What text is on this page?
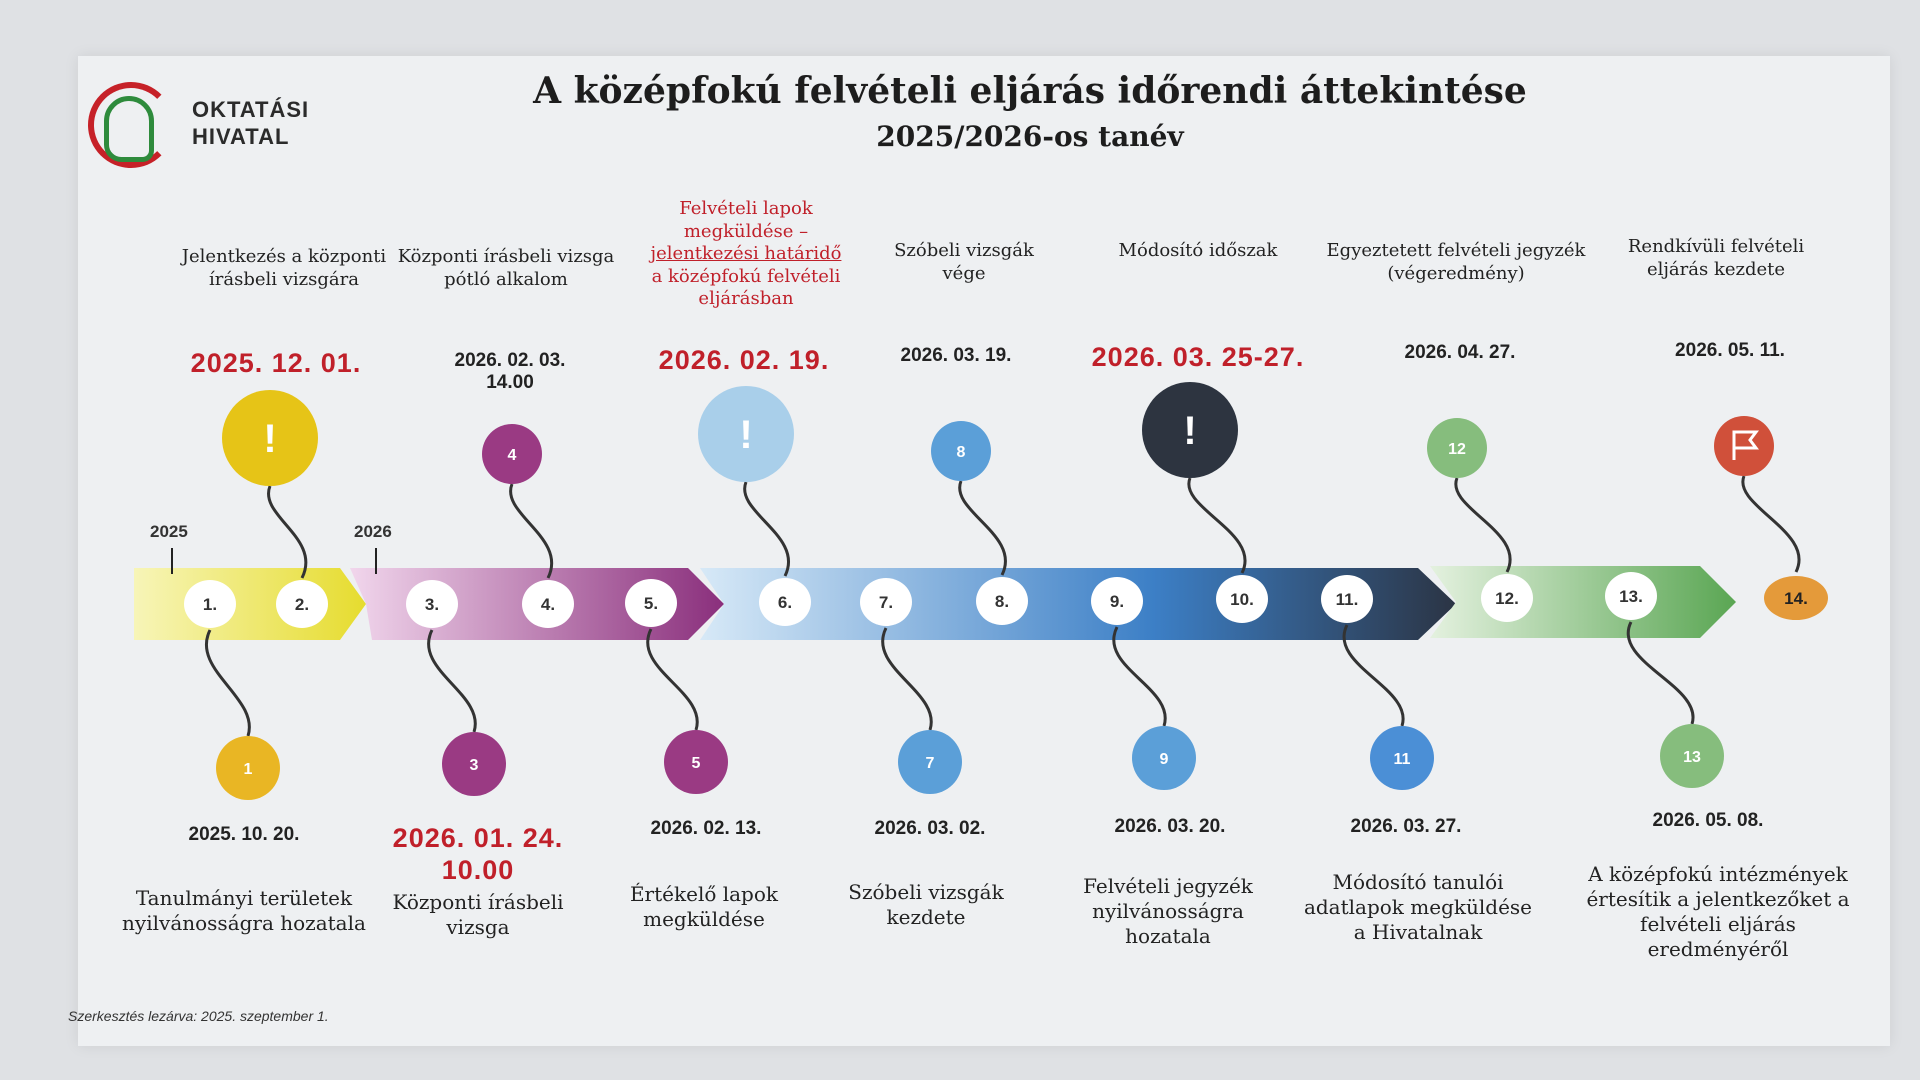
OKTATÁSI
HIVATAL
A középfokú felvételi eljárás időrendi áttekintése
2025/2026-os tanév
1.	2.	3.	4.	5.	6.	7.	8.	9.	10.	11.	12.	13.	14.
!	4	!	8	!	12
1	3	5	7	9	11	13
2025	2026
Jelentkezés a központi írásbeli vizsgára
Központi írásbeli vizsga pótló alkalom
Felvételi lapok megküldése –
jelentkezési határidő
a középfokú felvételi eljárásban
Szóbeli vizsgák vége
Módosító időszak	Egyeztetett felvételi jegyzék (végeredmény)
Rendkívüli felvételi eljárás kezdete
2025. 12. 01.	2026. 02. 03. 14.00
2026. 02. 19.	2026. 03. 19.	2026. 03. 25-27.	2026. 04. 27.	2026. 05. 11.
2025. 10. 20.	2026. 01. 24. 10.00
2026. 02. 13.	2026. 03. 02.	2026. 03. 20.	2026. 03. 27.	2026. 05. 08.
Tanulmányi területek nyilvánosságra hozatala
Központi írásbeli vizsga
Értékelő lapok megküldése
Szóbeli vizsgák kezdete
Felvételi jegyzék nyilvánosságra hozatala
Módosító tanulói adatlapok megküldése a Hivatalnak
A középfokú intézmények értesítik a jelentkezőket a felvételi eljárás eredményéről
Szerkesztés lezárva: 2025. szeptember 1.
